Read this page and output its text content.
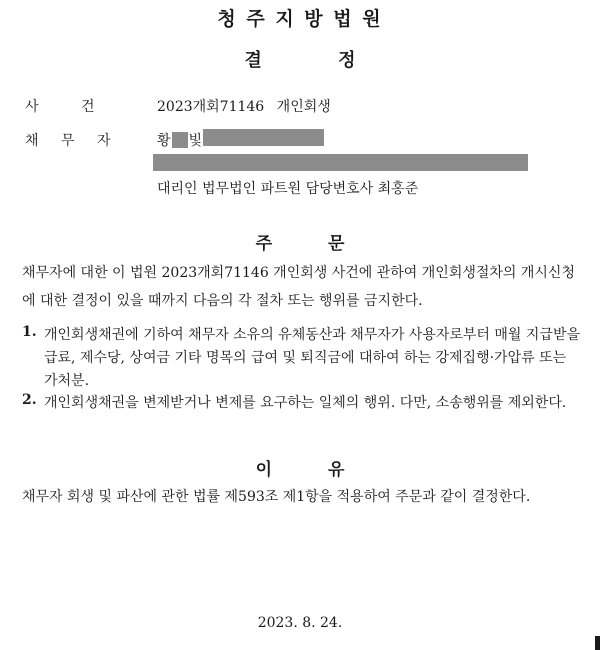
청 주 지 방 법 원
결 정
사 건	2023개회71146 개인회생
채 무 자	황 빛
대리인 법무법인 파트원 담당변호사 최홍준
주 문
채무자에 대한 이 법원 2023개회71146 개인회생 사건에 관하여 개인회생절차의 개시신청에 대한 결정이 있을 때까지 다음의 각 절차 또는 행위를 금지한다.
1. 개인회생채권에 기하여 채무자 소유의 유체동산과 채무자가 사용자로부터 매월 지급받을 급료, 제수당, 상여금 기타 명목의 급여 및 퇴직금에 대하여 하는 강제집행·가압류 또는 가처분.
2. 개인회생채권을 변제받거나 변제를 요구하는 일체의 행위. 다만, 소송행위를 제외한다.
이 유
채무자 회생 및 파산에 관한 법률 제593조 제1항을 적용하여 주문과 같이 결정한다.
2023. 8. 24.
